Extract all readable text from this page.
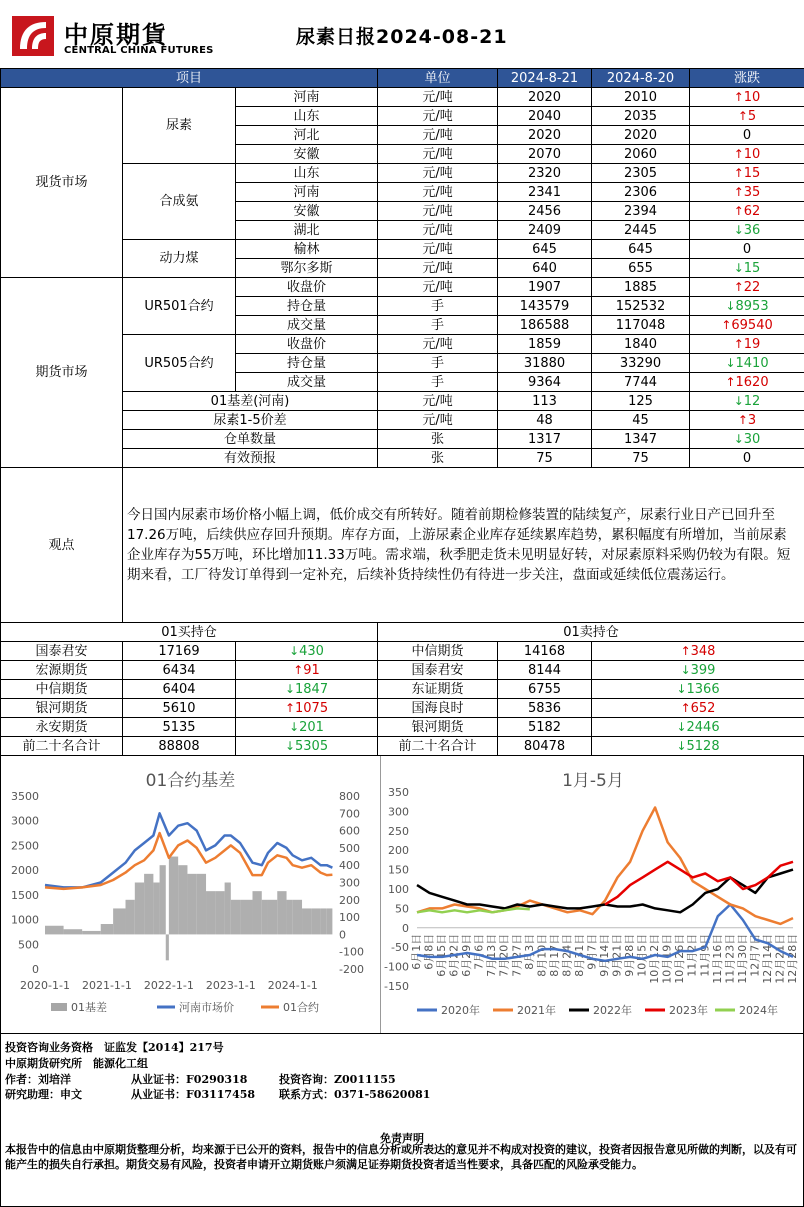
中原期貨
CENTRAL CHINA FUTURES
尿素日报2024-08-21
项目			单位	2024-8-21	2024-8-20	涨跌
现货市场	尿素	河南	元/吨	2020	2010	↑10
		山东	元/吨	2040	2035	↑5
		河北	元/吨	2020	2020	0
		安徽	元/吨	2070	2060	↑10
	合成氨	山东	元/吨	2320	2305	↑15
		河南	元/吨	2341	2306	↑35
		安徽	元/吨	2456	2394	↑62
		湖北	元/吨	2409	2445	↓36
	动力煤	榆林	元/吨	645	645	0
		鄂尔多斯	元/吨	640	655	↓15
期货市场	UR501合约	收盘价	元/吨	1907	1885	↑22
		持仓量	手	143579	152532	↓8953
		成交量	手	186588	117048	↑69540
	UR505合约	收盘价	元/吨	1859	1840	↑19
		持仓量	手	31880	33290	↓1410
		成交量	手	9364	7744	↑1620
	01基差(河南)		元/吨	113	125	↓12
	尿素1-5价差		元/吨	48	45	↑3
	仓单数量		张	1317	1347	↓30
	有效预报		张	75	75	0
观点	今日国内尿素市场价格小幅上调，低价成交有所转好。随着前期检修装置的陆续复产，尿素行业日产已回升至17.26万吨，后续供应存回升预期。库存方面，上游尿素企业库存延续累库趋势，累积幅度有所增加，当前尿素企业库存为55万吨，环比增加11.33万吨。需求端，秋季肥走货未见明显好转，对尿素原料采购仍较为有限。短期来看，工厂待发订单得到一定补充，后续补货持续性仍有待进一步关注，盘面或延续低位震荡运行。					
01买持仓			01卖持仓			
国泰君安	17169	↓430	中信期货	14168	↑348	
宏源期货	6434	↑91	国泰君安	8144	↓399	
中信期货	6404	↓1847	东证期货	6755	↓1366	
银河期货	5610	↑1075	国海良时	5836	↑652	
永安期货	5135	↓201	银河期货	5182	↓2446	
前二十名合计	88808	↓5305	前二十名合计	80478	↓5128	
01合约基差
0
500
1000
1500
2000
2500
3000
3500
-200
-100
0
100
200
300
400
500
600
700
800
2020-1-1 2021-1-1 2022-1-1 2023-1-1 2024-1-1
01基差	河南市场价	01合约
1月-5月
-150
-100
-50
0
50
100
150
200
250
300
350
6月1日 6月8日 6月15日 6月22日 6月29日 7月6日 7月13日 7月20日 7月27日 8月3日 8月10日 8月17日 8月24日 8月31日 9月7日 9月14日 9月21日 9月28日 10月5日 10月12日 10月19日 10月26日 11月2日 11月9日 11月16日 11月23日 11月30日 12月7日 12月14日 12月21日 12月28日
2020年	2021年	2022年	2023年	2024年
投资咨询业务资格　证监发【2014】217号
中原期货研究所　能源化工组
作者：刘培洋	从业证书：F0290318	投资咨询：Z0011155
研究助理：申文	从业证书：F03117458 联系方式：0371-58620081
免责声明
本报告中的信息由中原期货整理分析，均来源于已公开的资料，报告中的信息分析或所表达的意见并不构成对投资的建议，投资者因报告意见所做的判断，以及有可能产生的损失自行承担。期货交易有风险，投资者申请开立期货账户须满足证券期货投资者适当性要求，具备匹配的风险承受能力。
